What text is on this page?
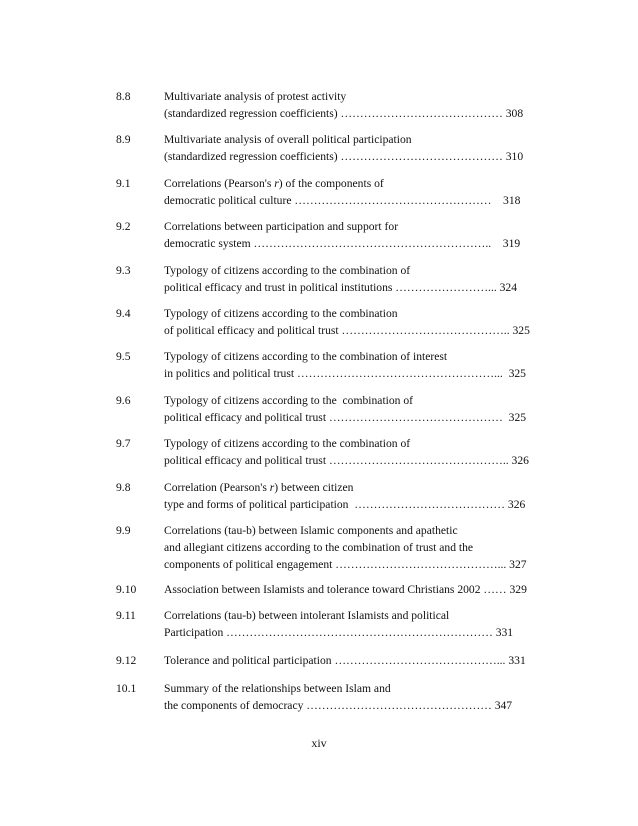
8.8	Multivariate analysis of protest activity
(standardized regression coefficients) …………………………………… 308
8.9	Multivariate analysis of overall political participation
(standardized regression coefficients) …………………………………… 310
9.1	Correlations (Pearson's r) of the components of
democratic political culture ……………………………………………    318
9.2	Correlations between participation and support for
democratic system ……………………………………………………..    319
9.3	Typology of citizens according to the combination of
political efficacy and trust in political institutions ……………………... 324
9.4	Typology of citizens according to the combination
of political efficacy and political trust …………………………………….. 325
9.5	Typology of citizens according to the combination of interest
in politics and political trust ……………………………………………...  325
9.6	Typology of citizens according to the  combination of
political efficacy and political trust ………………………………………  325
9.7	Typology of citizens according to the combination of
political efficacy and political trust ……………………………………….. 326
9.8	Correlation (Pearson's r) between citizen
type and forms of political participation  ………………………………… 326
9.9	Correlations (tau-b) between Islamic components and apathetic
and allegiant citizens according to the combination of trust and the
components of political engagement ……………………………………... 327
9.10 Association between Islamists and tolerance toward Christians 2002 …… 329
9.11 Correlations (tau-b) between intolerant Islamists and political
Participation …………………………………………………………… 331
9.12 Tolerance and political participation ……………………………………... 331
10.1 Summary of the relationships between Islam and
the components of democracy ………………………………………… 347
xiv
